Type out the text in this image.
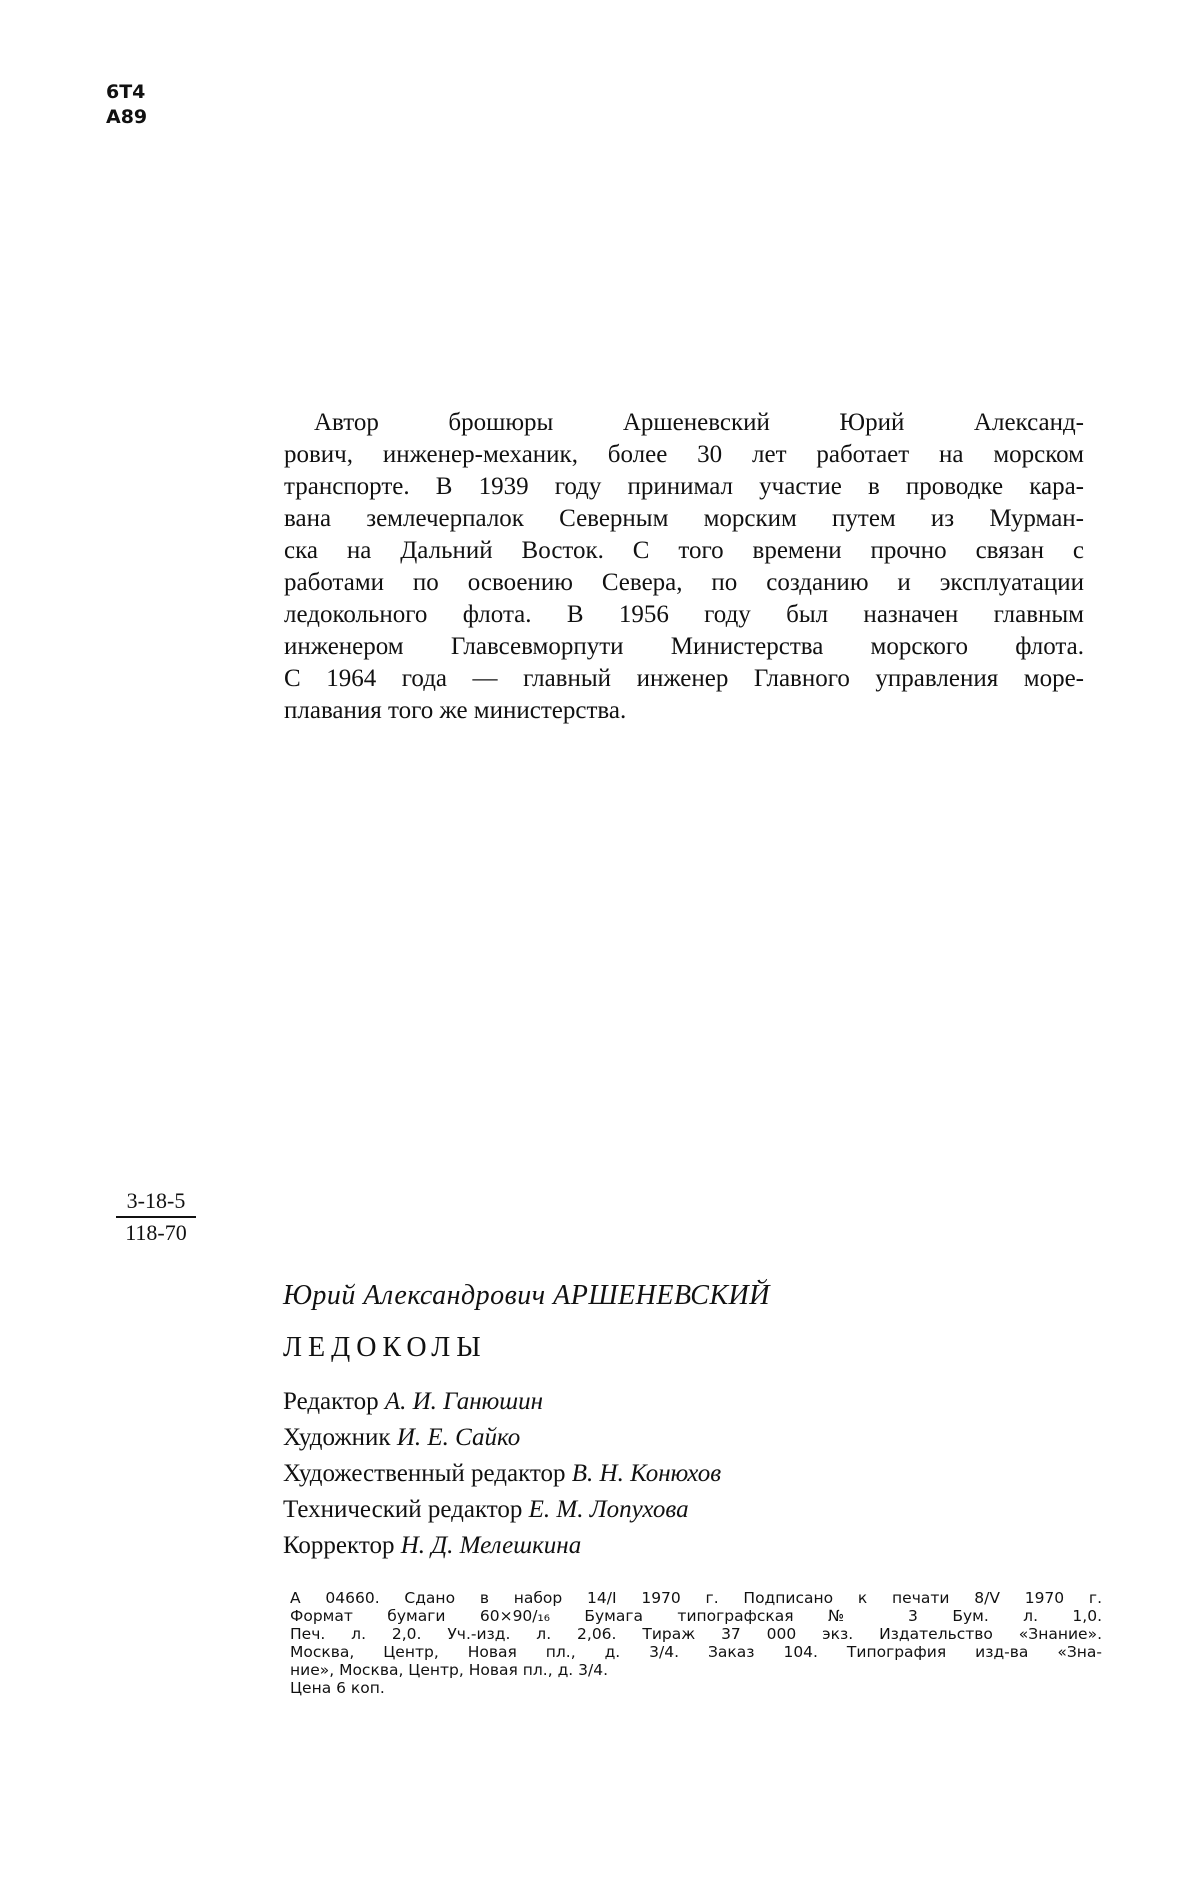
6Т4
А89
Автор брошюры Аршеневский Юрий Александ-
рович, инженер-механик, более 30 лет работает на морском
транспорте. В 1939 году принимал участие в проводке кара-
вана землечерпалок Северным морским путем из Мурман-
ска на Дальний Восток. С того времени прочно связан с
работами по освоению Севера, по созданию и эксплуатации
ледокольного флота. В 1956 году был назначен главным
инженером Главсевморпути Министерства морского флота.
С 1964 года — главный инженер Главного управления море-
плавания того же министерства.
$\frac{3-18-5}{118-70}$
Юрий Александрович АРШЕНЕВСКИЙ
ЛЕДОКОЛЫ
Редактор А. И. Ганюшин
Художник И. Е. Сайко
Художественный редактор В. Н. Конюхов
Технический редактор Е. М. Лопухова
Корректор Н. Д. Мелешкина
А 04660. Сдано в набор 14/I 1970 г. Подписано к печати 8/V 1970 г.
Формат бумаги 60×90/₁₆ Бумага типографская № 3 Бум. л. 1,0.
Печ. л. 2,0. Уч.-изд. л. 2,06. Тираж 37 000 экз. Издательство «Знание».
Москва, Центр, Новая пл., д. 3/4. Заказ 104. Типография изд-ва «Зна-
ние», Москва, Центр, Новая пл., д. 3/4.
Цена 6 коп.
